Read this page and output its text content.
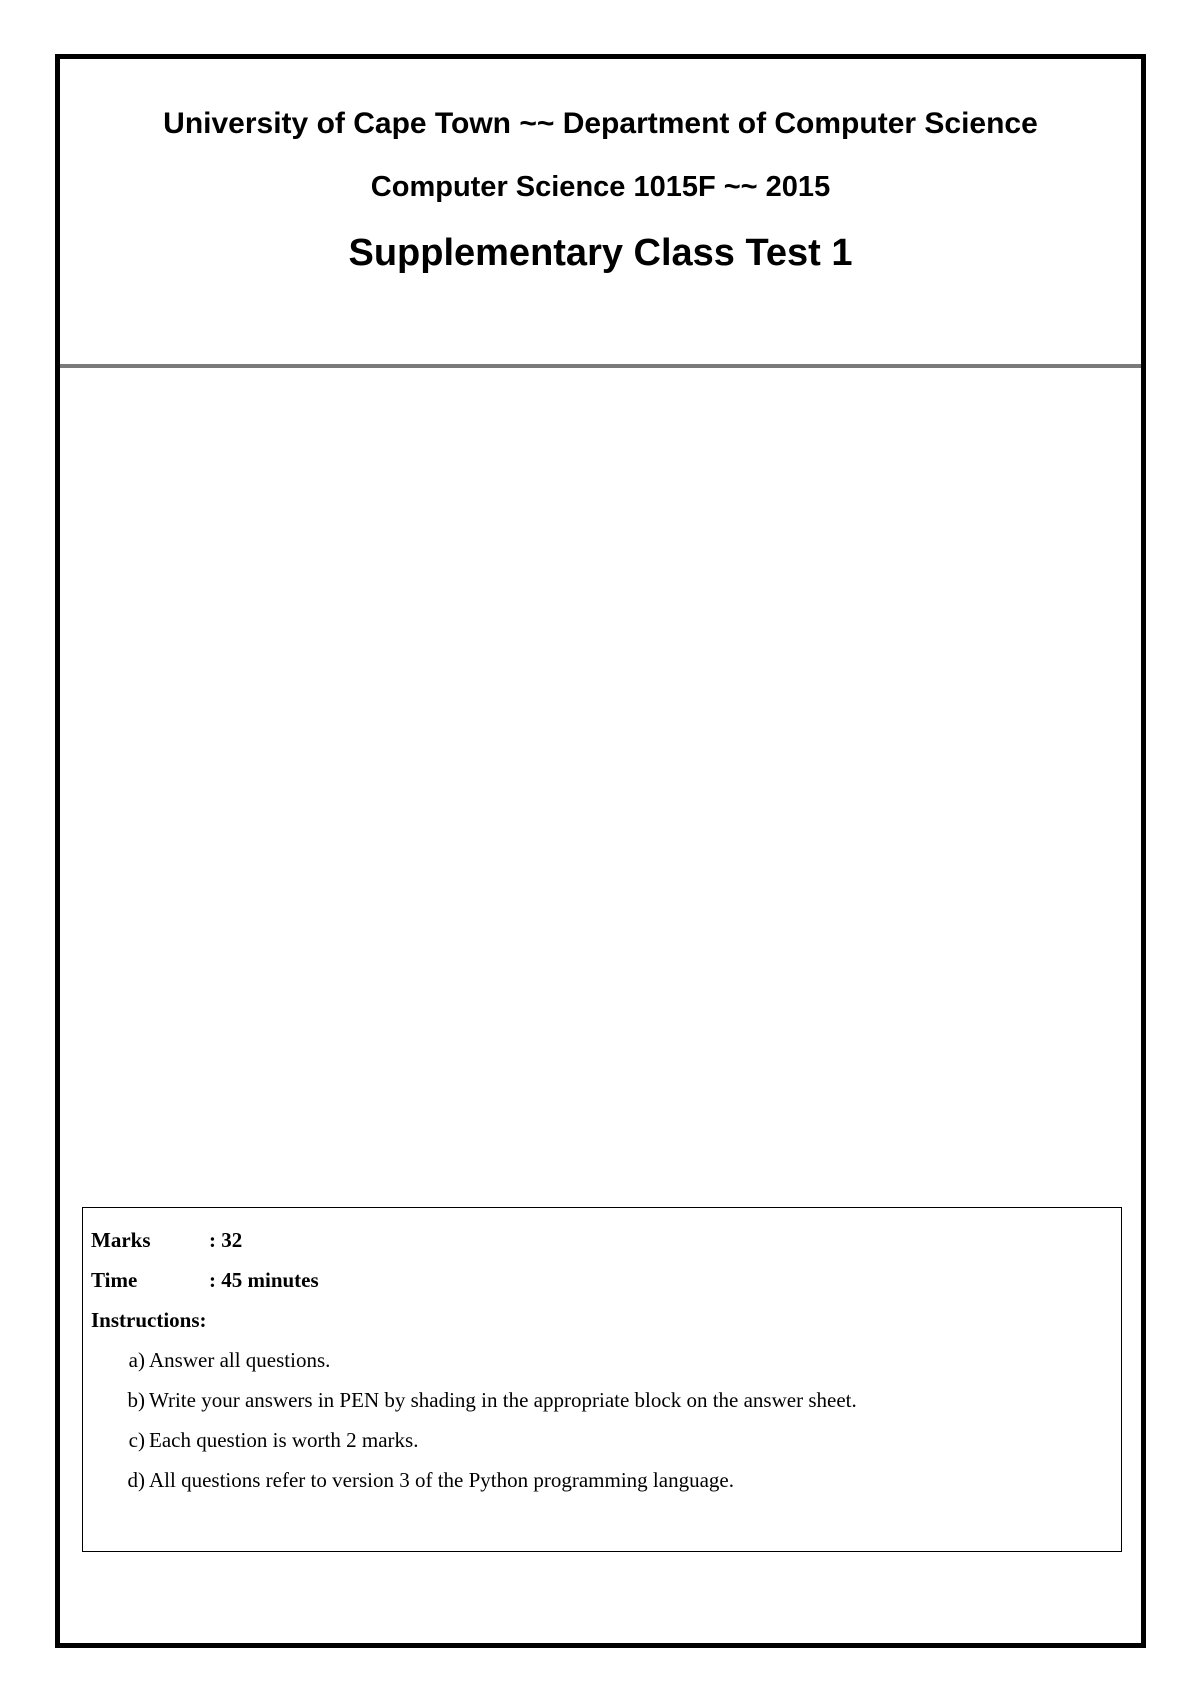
University of Cape Town ~~ Department of Computer Science
Computer Science 1015F ~~ 2015
Supplementary Class Test 1
Marks	: 32
Time	: 45 minutes
Instructions:
a) Answer all questions.
b) Write your answers in PEN by shading in the appropriate block on the answer sheet.
c) Each question is worth 2 marks.
d) All questions refer to version 3 of the Python programming language.
